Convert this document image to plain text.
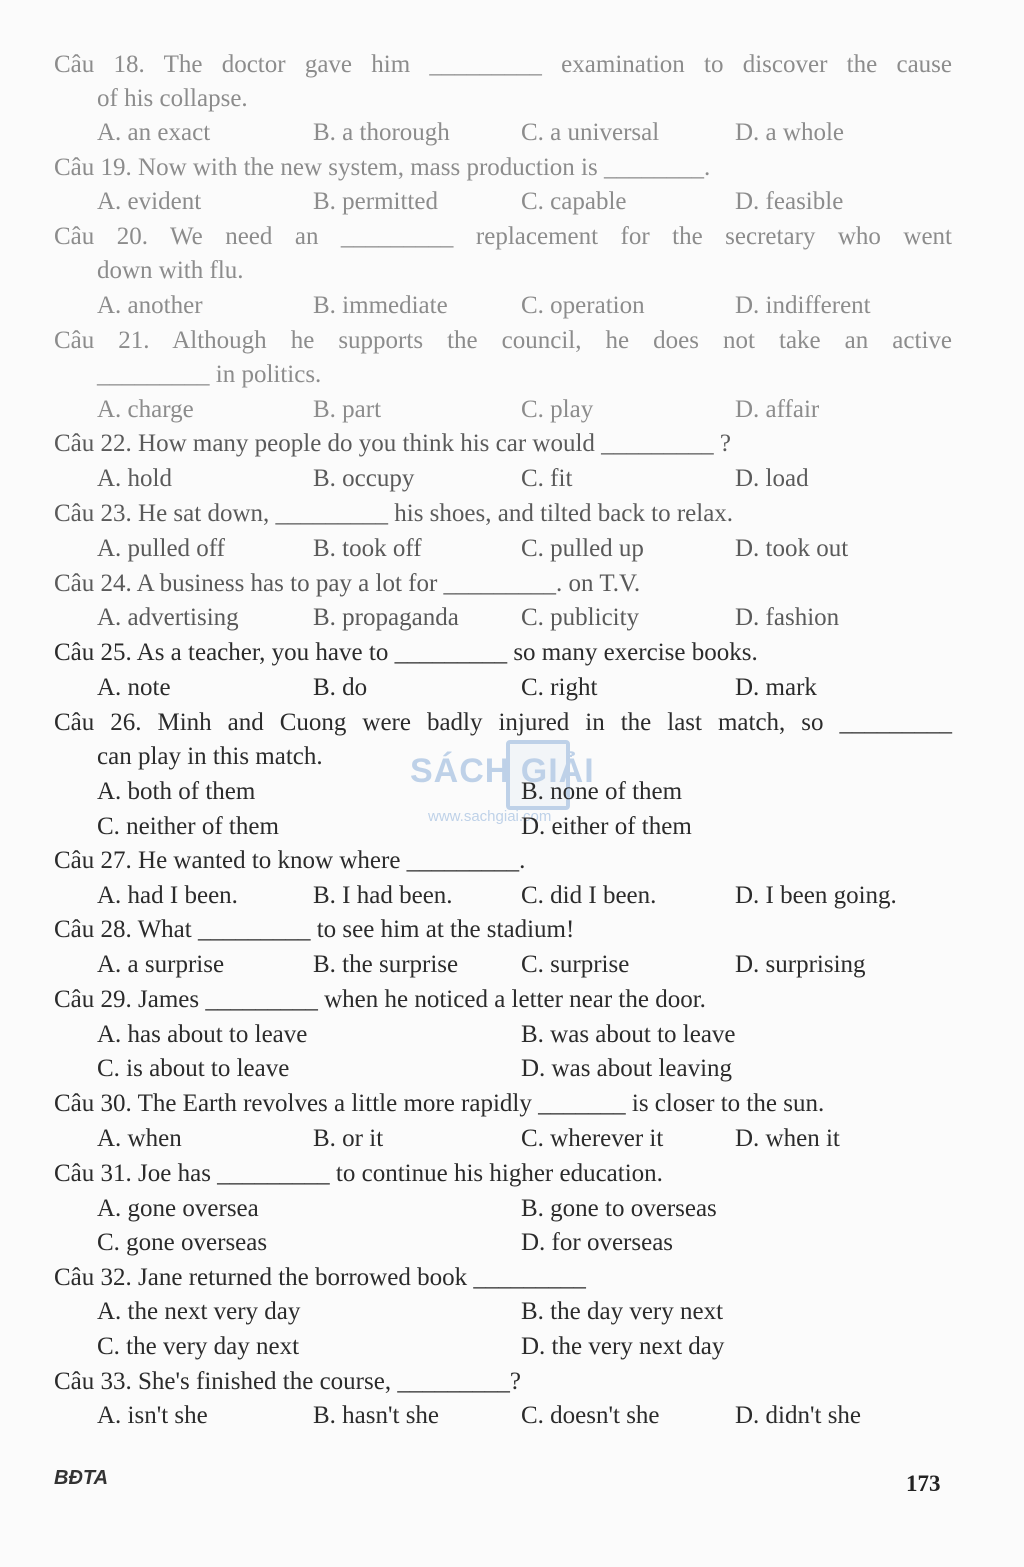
SÁCH GIẢI
www.sachgiai.com
Câu 18. The doctor gave him _________ examination to discover the cause
of his collapse.
A. an exact	B. a thorough	C. a universal	D. a whole
Câu 19. Now with the new system, mass production is ________.
A. evident	B. permitted	C. capable	D. feasible
Câu 20. We need an _________ replacement for the secretary who went
down with flu.
A. another	B. immediate	C. operation	D. indifferent
Câu 21. Although he supports the council, he does not take an active
_________ in politics.
A. charge	B. part	C. play	D. affair
Câu 22. How many people do you think his car would _________ ?
A. hold	B. occupy	C. fit	D. load
Câu 23. He sat down, _________ his shoes, and tilted back to relax.
A. pulled off	B. took off	C. pulled up	D. took out
Câu 24. A business has to pay a lot for _________. on T.V.
A. advertising	B. propaganda C. publicity	D. fashion
Câu 25. As a teacher, you have to _________ so many exercise books.
A. note	B. do	C. right	D. mark
Câu 26. Minh and Cuong were badly injured in the last match, so _________
can play in this match.
A. both of them	B. none of them
C. neither of them	D. either of them
Câu 27. He wanted to know where _________.
A. had I been.	B. I had been.	C. did I been.	D. I been going.
Câu 28. What _________ to see him at the stadium!
A. a surprise	B. the surprise	C. surprise	D. surprising
Câu 29. James _________ when he noticed a letter near the door.
A. has about to leave	B. was about to leave
C. is about to leave	D. was about leaving
Câu 30. The Earth revolves a little more rapidly _______ is closer to the sun.
A. when	B. or it	C. wherever it	D. when it
Câu 31. Joe has _________ to continue his higher education.
A. gone oversea	B. gone to overseas
C. gone overseas	D. for overseas
Câu 32. Jane returned the borrowed book _________
A. the next very day	B. the day very next
C. the very day next	D. the very next day
Câu 33. She's finished the course, _________?
A. isn't she	B. hasn't she	C. doesn't she	D. didn't she
BĐTA	173
